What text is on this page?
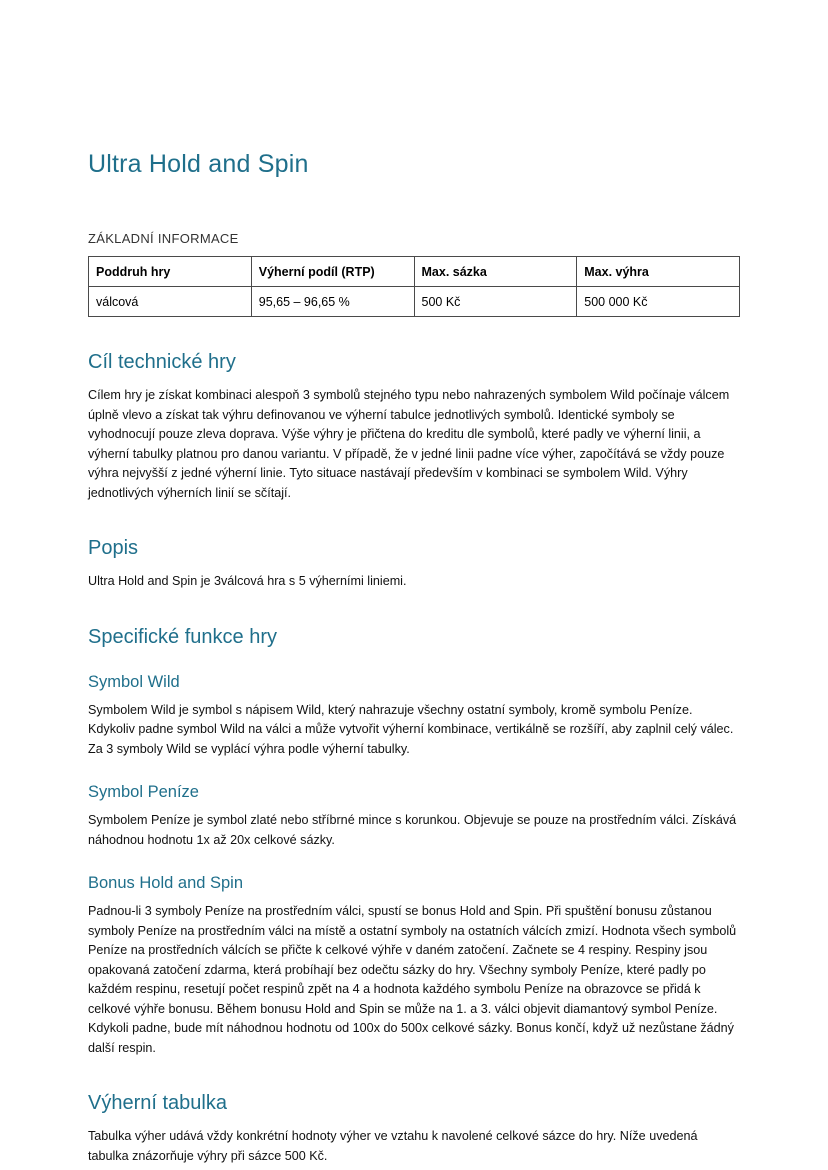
Ultra Hold and Spin
ZÁKLADNÍ INFORMACE
Poddruh hry	Výherní podíl (RTP)	Max. sázka	Max. výhra
válcová	95,65 – 96,65 %	500 Kč	500 000 Kč
Cíl technické hry

Cílem hry je získat kombinaci alespoň 3 symbolů stejného typu nebo nahrazených symbolem Wild počínaje válcem úplně vlevo a získat tak výhru definovanou ve výherní tabulce jednotlivých symbolů. Identické symboly se vyhodnocují pouze zleva doprava. Výše výhry je přičtena do kreditu dle symbolů, které padly ve výherní linii, a výherní tabulky platnou pro danou variantu. V případě, že v jedné linii padne více výher, započítává se vždy pouze výhra nejvyšší z jedné výherní linie. Tyto situace nastávají především v kombinaci se symbolem Wild. Výhry jednotlivých výherních linií se sčítají.

Popis

Ultra Hold and Spin je 3válcová hra s 5 výherními liniemi.

Specifické funkce hry
Symbol Wild

Symbolem Wild je symbol s nápisem Wild, který nahrazuje všechny ostatní symboly, kromě symbolu Peníze. Kdykoliv padne symbol Wild na válci a může vytvořit výherní kombinace, vertikálně se rozšíří, aby zaplnil celý válec. Za 3 symboly Wild se vyplácí výhra podle výherní tabulky.

Symbol Peníze

Symbolem Peníze je symbol zlaté nebo stříbrné mince s korunkou. Objevuje se pouze na prostředním válci. Získává náhodnou hodnotu 1x až 20x celkové sázky.

Bonus Hold and Spin

Padnou-li 3 symboly Peníze na prostředním válci, spustí se bonus Hold and Spin. Při spuštění bonusu zůstanou symboly Peníze na prostředním válci na místě a ostatní symboly na ostatních válcích zmizí. Hodnota všech symbolů Peníze na prostředních válcích se přičte k celkové výhře v daném zatočení. Začnete se 4 respiny. Respiny jsou opakovaná zatočení zdarma, která probíhají bez odečtu sázky do hry. Všechny symboly Peníze, které padly po každém respinu, resetují počet respinů zpět na 4 a hodnota každého symbolu Peníze na obrazovce se přidá k celkové výhře bonusu. Během bonusu Hold and Spin se může na 1. a 3. válci objevit diamantový symbol Peníze. Kdykoli padne, bude mít náhodnou hodnotu od 100x do 500x celkové sázky. Bonus končí, když už nezůstane žádný další respin.

Výherní tabulka

Tabulka výher udává vždy konkrétní hodnoty výher ve vztahu k navolené celkové sázce do hry. Níže uvedená tabulka znázorňuje výhry při sázce 500 Kč.
